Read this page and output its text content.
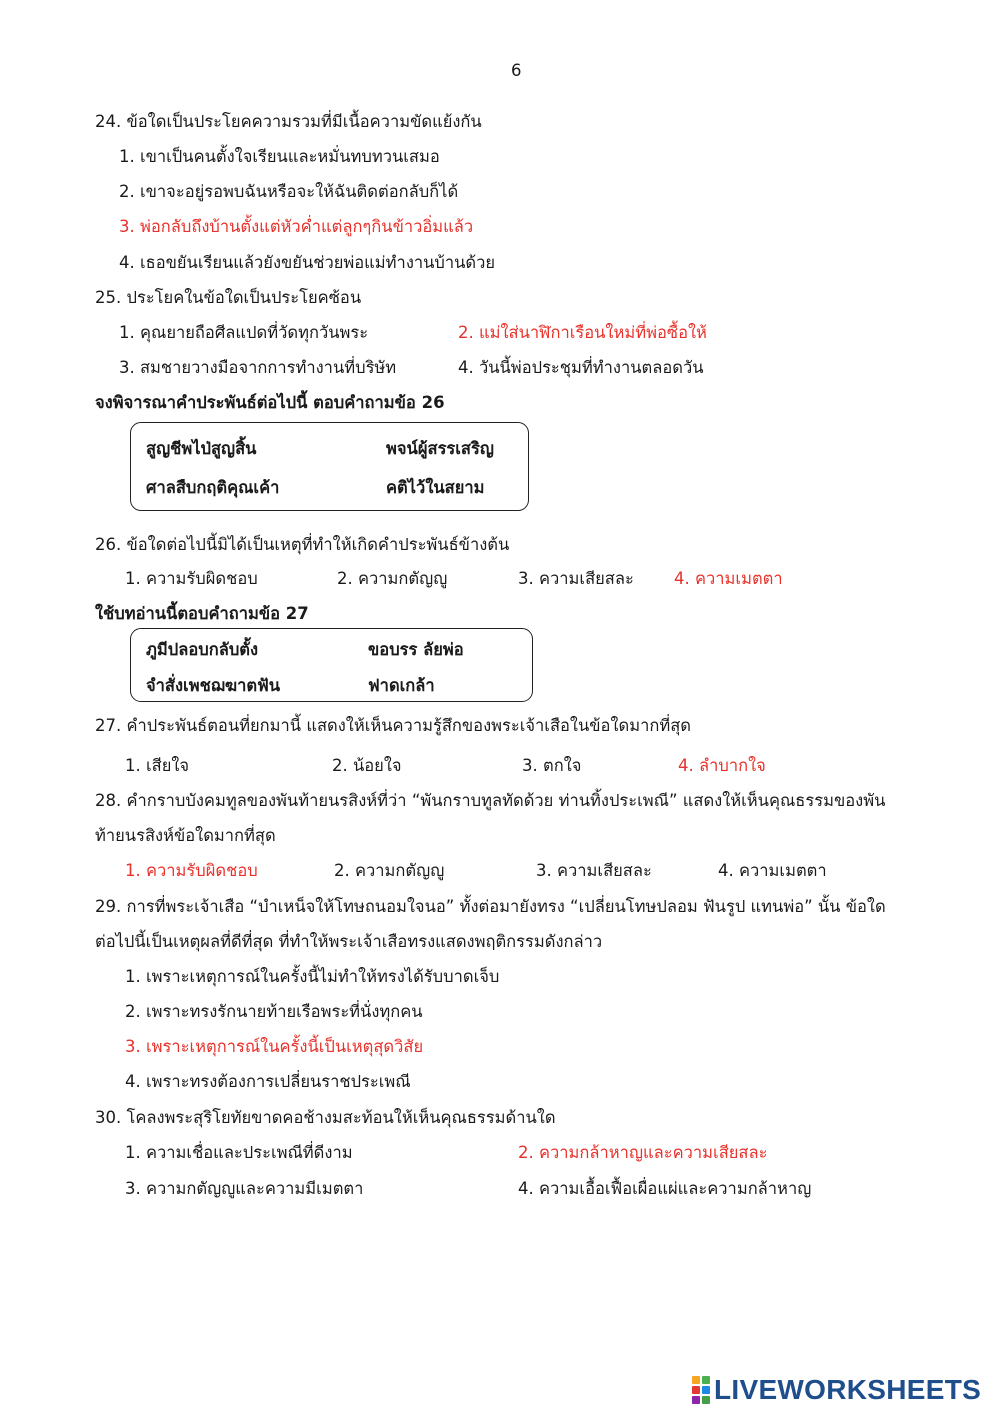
6
24. ข้อใดเป็นประโยคความรวมที่มีเนื้อความขัดแย้งกัน
1. เขาเป็นคนตั้งใจเรียนและหมั่นทบทวนเสมอ
2. เขาจะอยู่รอพบฉันหรือจะให้ฉันติดต่อกลับก็ได้
3. พ่อกลับถึงบ้านตั้งแต่หัวค่ำแต่ลูกๆกินข้าวอิ่มแล้ว
4. เธอขยันเรียนแล้วยังขยันช่วยพ่อแม่ทำงานบ้านด้วย
25. ประโยคในข้อใดเป็นประโยคซ้อน
1. คุณยายถือศีลแปดที่วัดทุกวันพระ	2. แม่ใส่นาฬิกาเรือนใหม่ที่พ่อซื้อให้
3. สมชายวางมือจากการทำงานที่บริษัท	4. วันนี้พ่อประชุมที่ทำงานตลอดวัน
จงพิจารณาคำประพันธ์ต่อไปนี้ ตอบคำถามข้อ 26
สูญชีพไป่สูญสิ้น	พจน์ผู้สรรเสริญ
ศาลสืบกฤติคุณเค้า	คติไว้ในสยาม
26. ข้อใดต่อไปนี้มิได้เป็นเหตุที่ทำให้เกิดคำประพันธ์ข้างต้น
1. ความรับผิดชอบ	2. ความกตัญญู	3. ความเสียสละ 4. ความเมตตา
ใช้บทอ่านนี้ตอบคำถามข้อ 27
ภูมีปลอบกลับตั้ง	ขอบรร ลัยพ่อ
จำสั่งเพชฌฆาตฟัน	ฟาดเกล้า
27. คำประพันธ์ตอนที่ยกมานี้ แสดงให้เห็นความรู้สึกของพระเจ้าเสือในข้อใดมากที่สุด
1. เสียใจ	2. น้อยใจ	3. ตกใจ	4. ลำบากใจ
28. คำกราบบังคมทูลของพันท้ายนรสิงห์ที่ว่า “พันกราบทูลทัดด้วย ท่านทิ้งประเพณี” แสดงให้เห็นคุณธรรมของพัน
ท้ายนรสิงห์ข้อใดมากที่สุด
1. ความรับผิดชอบ	2. ความกตัญญู	3. ความเสียสละ	4. ความเมตตา
29. การที่พระเจ้าเสือ “บำเหน็จให้โทษถนอมใจนอ” ทั้งต่อมายังทรง “เปลี่ยนโทษปลอม ฟันรูป แทนพ่อ” นั้น ข้อใด
ต่อไปนี้เป็นเหตุผลที่ดีที่สุด ที่ทำให้พระเจ้าเสือทรงแสดงพฤติกรรมดังกล่าว
1. เพราะเหตุการณ์ในครั้งนี้ไม่ทำให้ทรงได้รับบาดเจ็บ
2. เพราะทรงรักนายท้ายเรือพระที่นั่งทุกคน
3. เพราะเหตุการณ์ในครั้งนี้เป็นเหตุสุดวิสัย
4. เพราะทรงต้องการเปลี่ยนราชประเพณี
30. โคลงพระสุริโยทัยขาดคอช้างมสะท้อนให้เห็นคุณธรรมด้านใด
1. ความเชื่อและประเพณีที่ดีงาม	2. ความกล้าหาญและความเสียสละ
3. ความกตัญญูและความมีเมตตา	4. ความเอื้อเฟื้อเผื่อแผ่และความกล้าหาญ
LIVEWORKSHEETS
